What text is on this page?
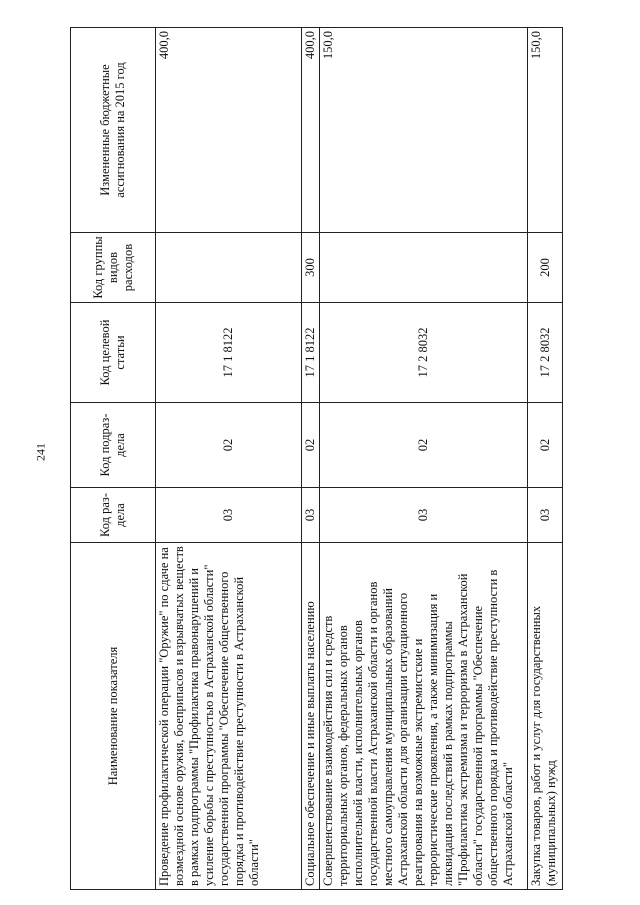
241
Наименование показателя	Код раз- дела	Код подраз- дела	Код целевой статьи	Код группы видов расходов	Измененные бюджетные ассигнования на 2015 год
Проведение профилактической операции "Оружие" по сдаче на возмездной основе оружия, боеприпасов и взрывчатых веществ в рамках подпрограммы "Профилактика правонарушений и усиление борьбы с преступностью в Астраханской области" государственной программы "Обеспечение общественного порядка и противодействие преступности в Астраханской области"	03	02	17 1 8122		400,0
Социальное обеспечение и иные выплаты населению	03	02	17 1 8122	300	400,0
Совершенствование взаимодействия сил и средств территориальных органов, федеральных органов исполнительной власти, исполнительных органов государственной власти Астраханской области и органов местного самоуправления муниципальных образований Астраханской области для организации ситуационного реагирования на возможные экстремистские и террористические проявления, а также минимизация и ликвидация последствий в рамках подпрограммы "Профилактика экстремизма и терроризма в Астраханской области" государственной программы "Обеспечение общественного порядка и противодействие преступности в Астраханской области"	03	02	17 2 8032		150,0
Закупка товаров, работ и услуг для государственных (муниципальных) нужд	03	02	17 2 8032	200	150,0
